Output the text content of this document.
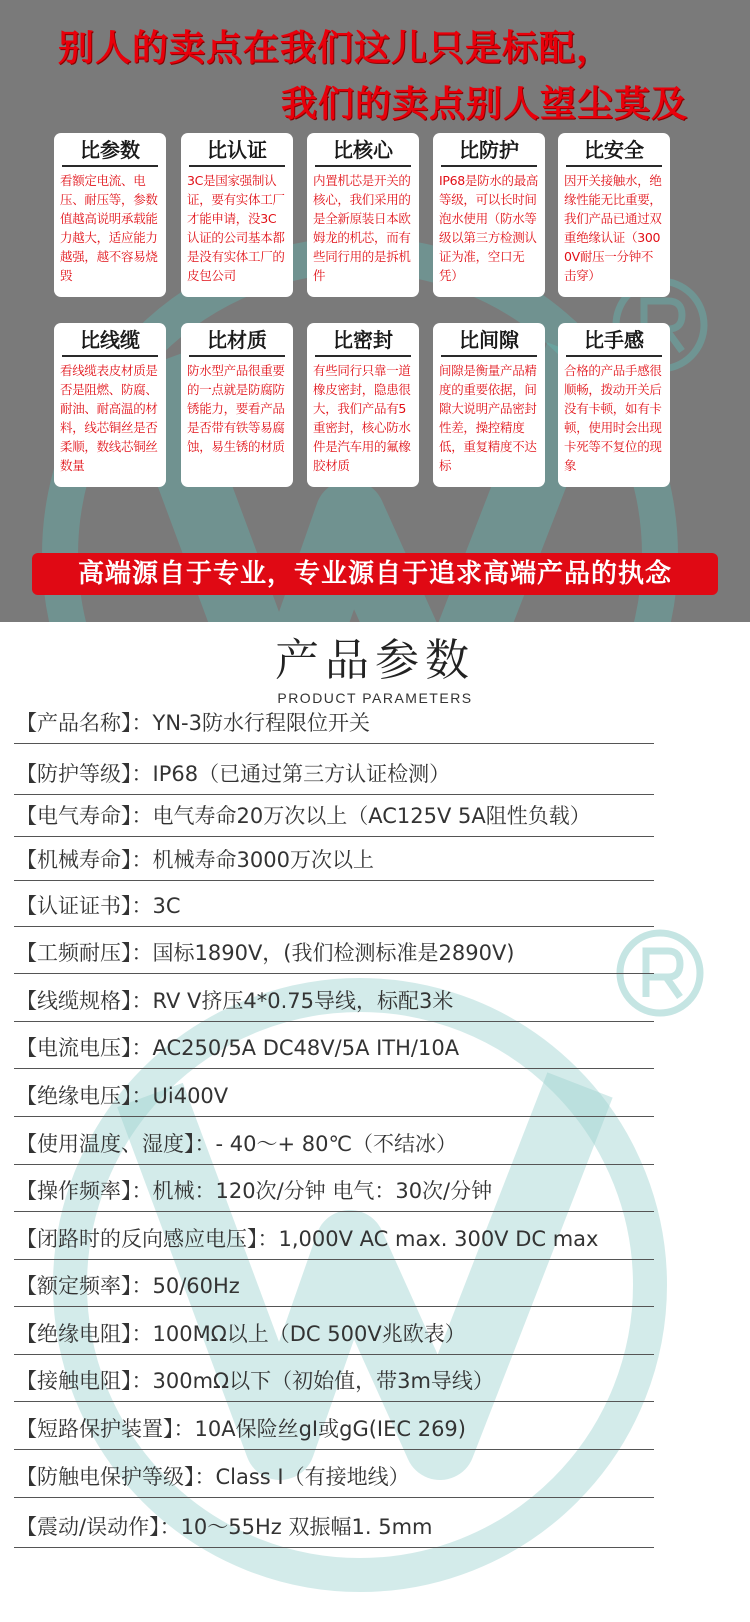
别人的卖点在我们这儿只是标配，
我们的卖点别人望尘莫及
比参数
看额定电流、电压、耐压等，参数值越高说明承载能力越大，适应能力越强，越不容易烧毁
比认证
3C是国家强制认证，要有实体工厂才能申请，没3C认证的公司基本都是没有实体工厂的皮包公司
比核心
内置机芯是开关的核心，我们采用的是全新原装日本欧姆龙的机芯，而有些同行用的是拆机件
比防护
IP68是防水的最高等级，可以长时间泡水使用（防水等级以第三方检测认证为准，空口无凭）
比安全
因开关接触水，绝缘性能无比重要，我们产品已通过双重绝缘认证（3000V耐压一分钟不击穿）
比线缆
看线缆表皮材质是否是阻燃、防腐、耐油、耐高温的材料，线芯铜丝是否柔顺，数线芯铜丝数量
比材质
防水型产品很重要的一点就是防腐防锈能力，要看产品是否带有铁等易腐蚀，易生锈的材质
比密封
有些同行只靠一道橡皮密封，隐患很大，我们产品有5重密封，核心防水件是汽车用的氟橡胶材质
比间隙
间隙是衡量产品精度的重要依据，间隙大说明产品密封性差，操控精度低，重复精度不达标
比手感
合格的产品手感很顺畅，拨动开关后没有卡顿，如有卡顿，使用时会出现卡死等不复位的现象
高端源自于专业，专业源自于追求高端产品的执念
产品参数
PRODUCT PARAMETERS
【产品名称】：YN-3防水行程限位开关
【防护等级】：IP68（已通过第三方认证检测）
【电气寿命】：电气寿命20万次以上（AC125V 5A阻性负载）
【机械寿命】：机械寿命3000万次以上
【认证证书】：3C
【工频耐压】：国标1890V，(我们检测标准是2890V)
【线缆规格】：RV V挤压4*0.75导线，标配3米
【电流电压】：AC250/5A DC48V/5A ITH/10A
【绝缘电压】：Ui400V
【使用温度、湿度】：- 40～+ 80℃（不结冰）
【操作频率】：机械：120次/分钟 电气：30次/分钟
【闭路时的反向感应电压】：1,000V AC max. 300V DC max
【额定频率】：50/60Hz
【绝缘电阻】：100MΩ以上（DC 500V兆欧表）
【接触电阻】：300mΩ以下（初始值，带3m导线）
【短路保护装置】：10A保险丝gI或gG(IEC 269)
【防触电保护等级】：Class I（有接地线）
【震动/误动作】：10～55Hz 双振幅1. 5mm
